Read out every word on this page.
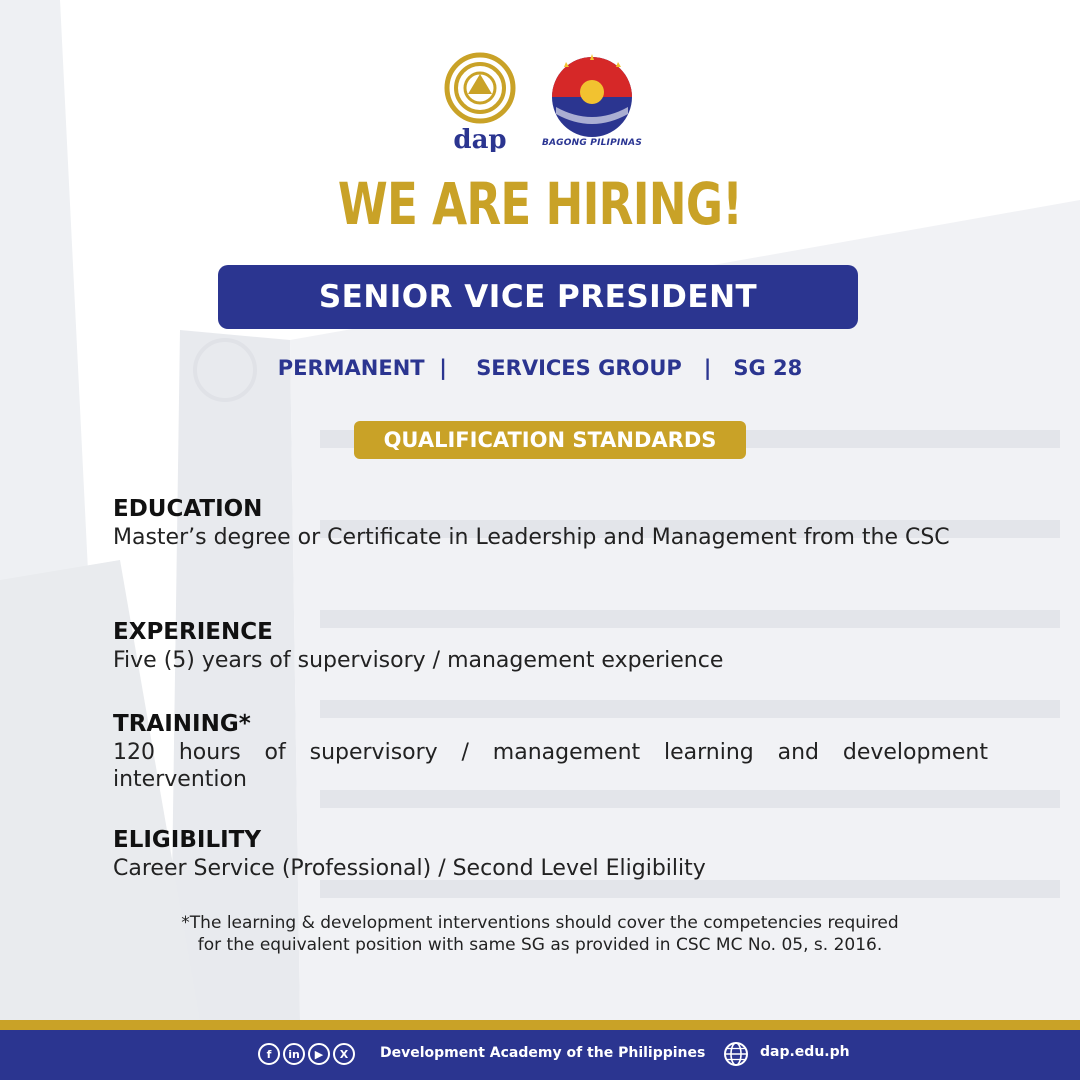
dap	BAGONG PILIPINAS
WE ARE HIRING!
SENIOR VICE PRESIDENT
PERMANENT  |    SERVICES GROUP   |   SG 28
QUALIFICATION STANDARDS

EDUCATION

Master’s degree or Certificate in Leadership and Management from the CSC

EXPERIENCE

Five (5) years of supervisory / management experience

TRAINING*

120 hours of supervisory / management learning and development intervention

ELIGIBILITY

Career Service (Professional) / Second Level Eligibility

*The learning & development interventions should cover the competencies required
for the equivalent position with same SG as provided in CSC MC No. 05, s. 2016.
f	in	▶	X	Development Academy of the Philippines	dap.edu.ph
